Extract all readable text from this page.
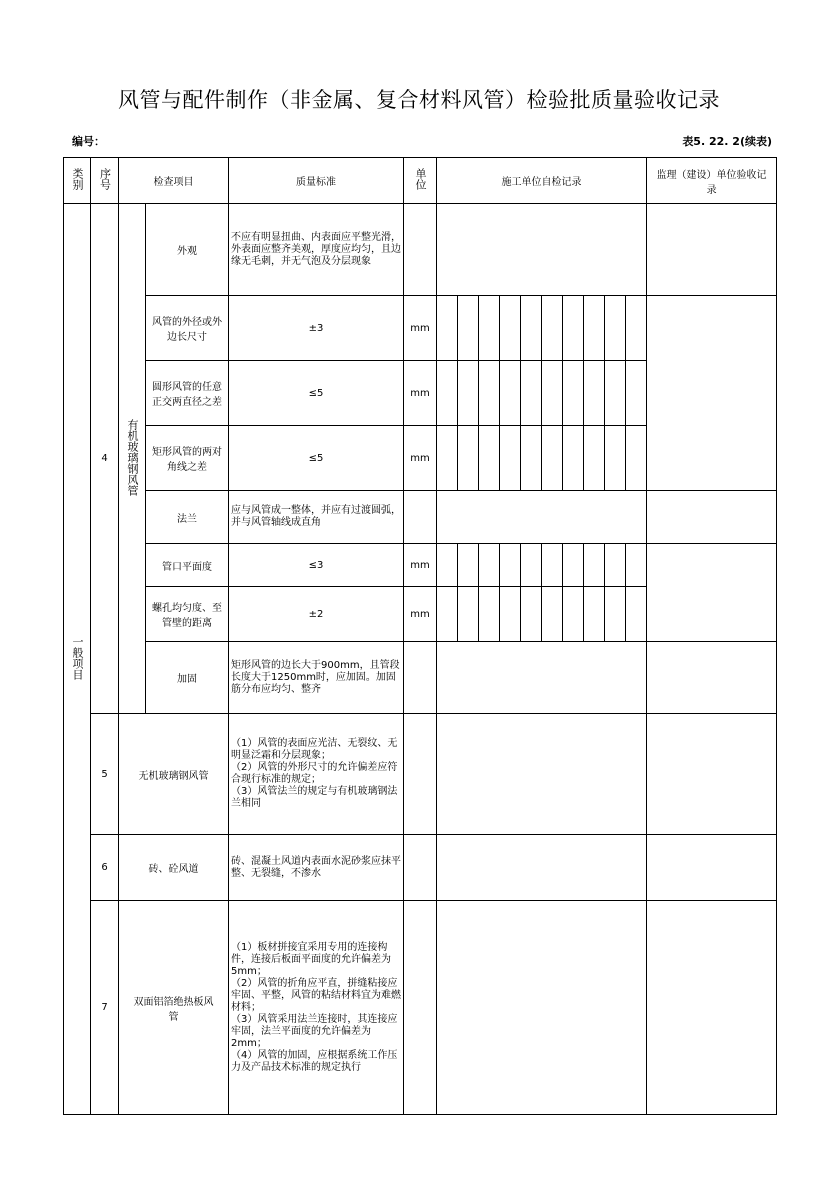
风管与配件制作（非金属、复合材料风管）检验批质量验收记录
编号：	表5. 22. 2(续表)
类别	序号	检查项目		质量标准	单位	施工单位自检记录										监理（建设）单位验收记录
一般项目	4	有机玻璃钢风管	外观	不应有明显扭曲、内表面应平整光滑，外表面应整齐美观，厚度应均匀，且边缘无毛刺，并无气泡及分层现象												
			风管的外径或外边长尺寸	±3	mm											
			圆形风管的任意正交两直径之差	≤5	mm											
			矩形风管的两对角线之差	≤5	mm											
			法兰	应与风管成一整体，并应有过渡圆弧，并与风管轴线成直角												
			管口平面度	≤3	mm											
			螺孔均匀度、至管壁的距离	±2	mm											
			加固	矩形风管的边长大于900mm，且管段长度大于1250mm时，应加固。加固筋分布应均匀、整齐												
	5	无机玻璃钢风管		（1）风管的表面应光洁、无裂纹、无明显泛霜和分层现象；
（2）风管的外形尺寸的允许偏差应符合现行标准的规定；
（3）风管法兰的规定与有机玻璃钢法兰相同												
	6	砖、砼风道		砖、混凝土风道内表面水泥砂浆应抹平整、无裂缝，不渗水												
	7	双面铝箔绝热板风管		（1）板材拼接宜采用专用的连接构件，连接后板面平面度的允许偏差为5mm；
（2）风管的折角应平直，拼缝粘接应牢固、平整，风管的粘结材料宜为难燃材料；
（3）风管采用法兰连接时，其连接应牢固，法兰平面度的允许偏差为2mm；
（4）风管的加固，应根据系统工作压力及产品技术标准的规定执行												
